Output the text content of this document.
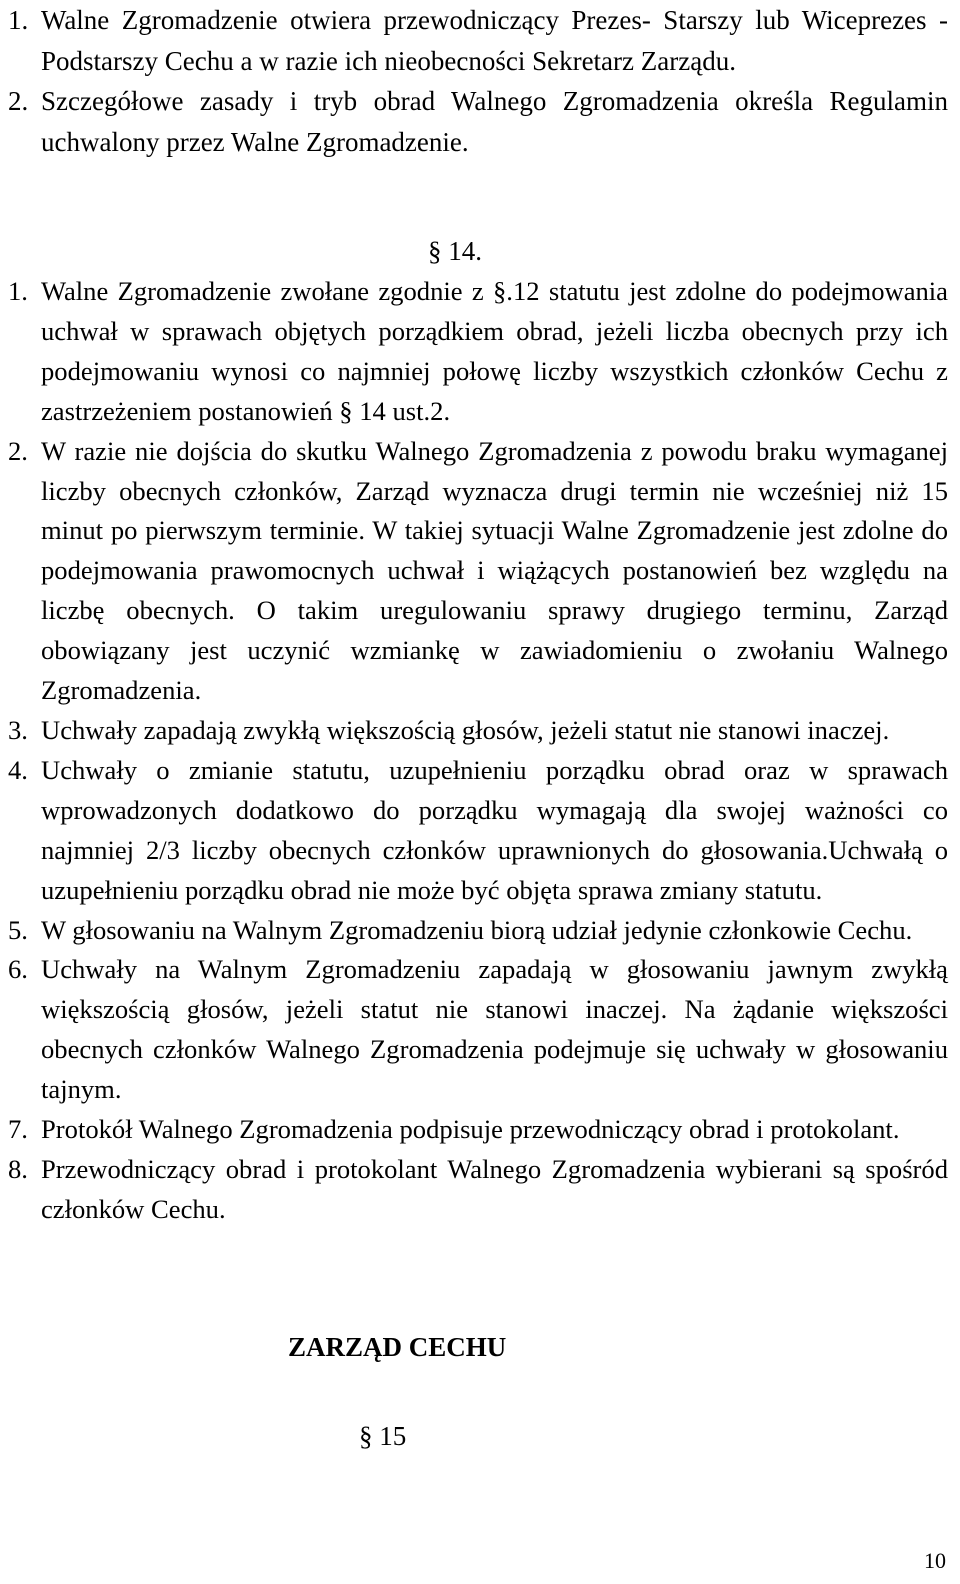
1. Walne Zgromadzenie otwiera przewodniczący Prezes- Starszy lub Wiceprezes -Podstarszy Cechu a w razie ich nieobecności Sekretarz Zarządu.
2. Szczegółowe zasady i tryb obrad Walnego Zgromadzenia określa Regulamin uchwalony przez Walne Zgromadzenie.
§ 14.
1. Walne Zgromadzenie zwołane zgodnie z §.12 statutu jest zdolne do podejmowania uchwał w sprawach objętych porządkiem obrad, jeżeli liczba obecnych przy ich podejmowaniu wynosi co najmniej połowę liczby wszystkich członków Cechu z zastrzeżeniem postanowień § 14 ust.2.
2. W razie nie dojścia do skutku Walnego Zgromadzenia z powodu braku wymaganej liczby obecnych członków, Zarząd wyznacza drugi termin nie wcześniej niż 15 minut po pierwszym terminie. W takiej sytuacji Walne Zgromadzenie jest zdolne do podejmowania prawomocnych uchwał i wiążących postanowień bez względu na liczbę obecnych. O takim uregulowaniu sprawy drugiego terminu, Zarząd obowiązany jest uczynić wzmiankę w zawiadomieniu o zwołaniu Walnego Zgromadzenia.
3. Uchwały zapadają zwykłą większością głosów, jeżeli statut nie stanowi inaczej.
4. Uchwały o zmianie statutu, uzupełnieniu porządku obrad oraz w sprawach wprowadzonych dodatkowo do porządku wymagają dla swojej ważności co najmniej 2/3 liczby obecnych członków uprawnionych do głosowania.Uchwałą o uzupełnieniu porządku obrad nie może być objęta sprawa zmiany statutu.
5. W głosowaniu na Walnym Zgromadzeniu biorą udział jedynie członkowie Cechu.
6. Uchwały na Walnym Zgromadzeniu zapadają w głosowaniu jawnym zwykłą większością głosów, jeżeli statut nie stanowi inaczej. Na żądanie większości obecnych członków Walnego Zgromadzenia podejmuje się uchwały w głosowaniu tajnym.
7. Protokół Walnego Zgromadzenia podpisuje przewodniczący obrad i protokolant.
8. Przewodniczący obrad i protokolant Walnego Zgromadzenia wybierani są spośród członków Cechu.
ZARZĄD CECHU
§ 15
10
